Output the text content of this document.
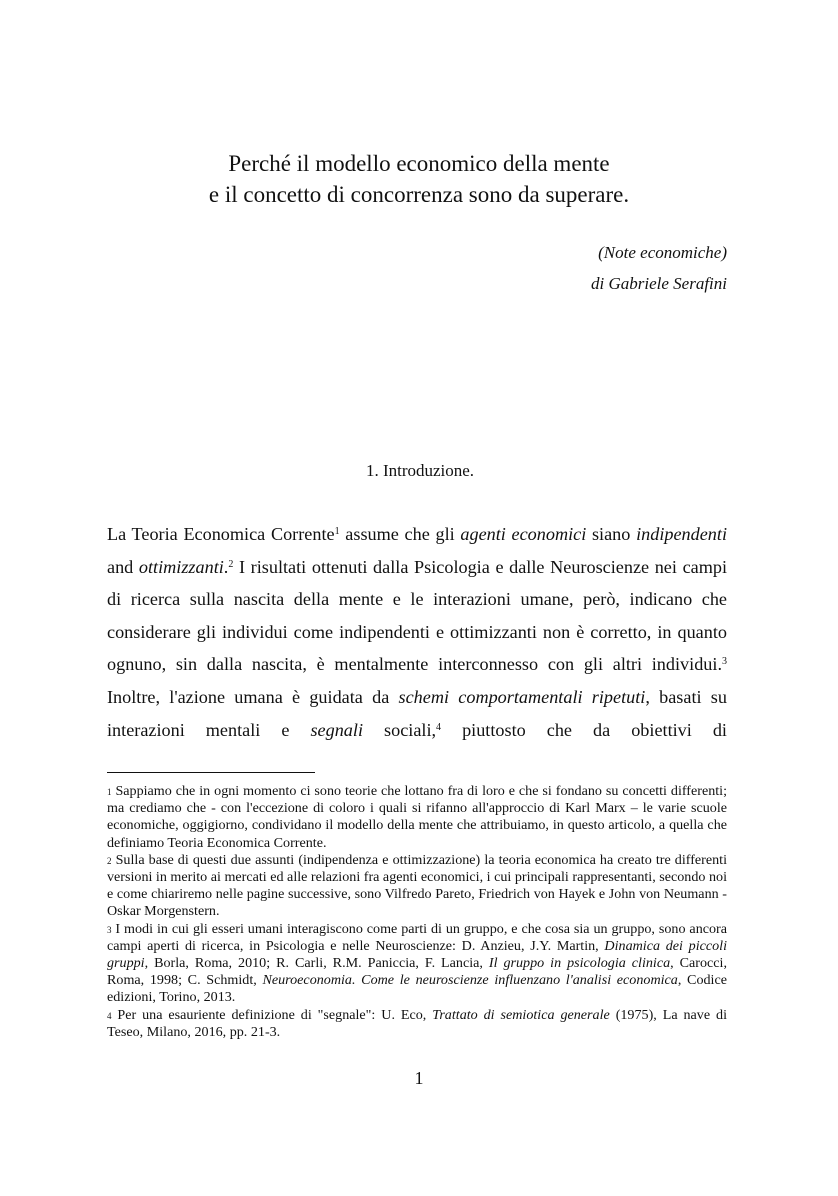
Perché il modello economico della mente
e il concetto di concorrenza sono da superare.
(Note economiche)
di Gabriele Serafini
1. Introduzione.

La Teoria Economica Corrente$^1$ assume che gli agenti economici siano indipendenti and ottimizzanti.$^2$ I risultati ottenuti dalla Psicologia e dalle Neuroscienze nei campi di ricerca sulla nascita della mente e le interazioni umane, però, indicano che considerare gli individui come indipendenti e ottimizzanti non è corretto, in quanto ognuno, sin dalla nascita, è mentalmente interconnesso con gli altri individui.$^3$ Inoltre, l'azione umana è guidata da schemi comportamentali ripetuti, basati su interazioni mentali e segnali sociali,$^4$ piuttosto che da obiettivi di

$^1$ Sappiamo che in ogni momento ci sono teorie che lottano fra di loro e che si fondano su concetti differenti; ma crediamo che - con l'eccezione di coloro i quali si rifanno all'approccio di Karl Marx – le varie scuole economiche, oggigiorno, condividano il modello della mente che attribuiamo, in questo articolo, a quella che definiamo Teoria Economica Corrente.

$^2$ Sulla base di questi due assunti (indipendenza e ottimizzazione) la teoria economica ha creato tre differenti versioni in merito ai mercati ed alle relazioni fra agenti economici, i cui principali rappresentanti, secondo noi e come chiariremo nelle pagine successive, sono Vilfredo Pareto, Friedrich von Hayek e John von Neumann - Oskar Morgenstern.

$^3$ I modi in cui gli esseri umani interagiscono come parti di un gruppo, e che cosa sia un gruppo, sono ancora campi aperti di ricerca, in Psicologia e nelle Neuroscienze: D. Anzieu, J.Y. Martin, Dinamica dei piccoli gruppi, Borla, Roma, 2010; R. Carli, R.M. Paniccia, F. Lancia, Il gruppo in psicologia clinica, Carocci, Roma, 1998; C. Schmidt, Neuroeconomia. Come le neuroscienze influenzano l'analisi economica, Codice edizioni, Torino, 2013.

$^4$ Per una esauriente definizione di "segnale": U. Eco, Trattato di semiotica generale (1975), La nave di Teseo, Milano, 2016, pp. 21-3.

1
